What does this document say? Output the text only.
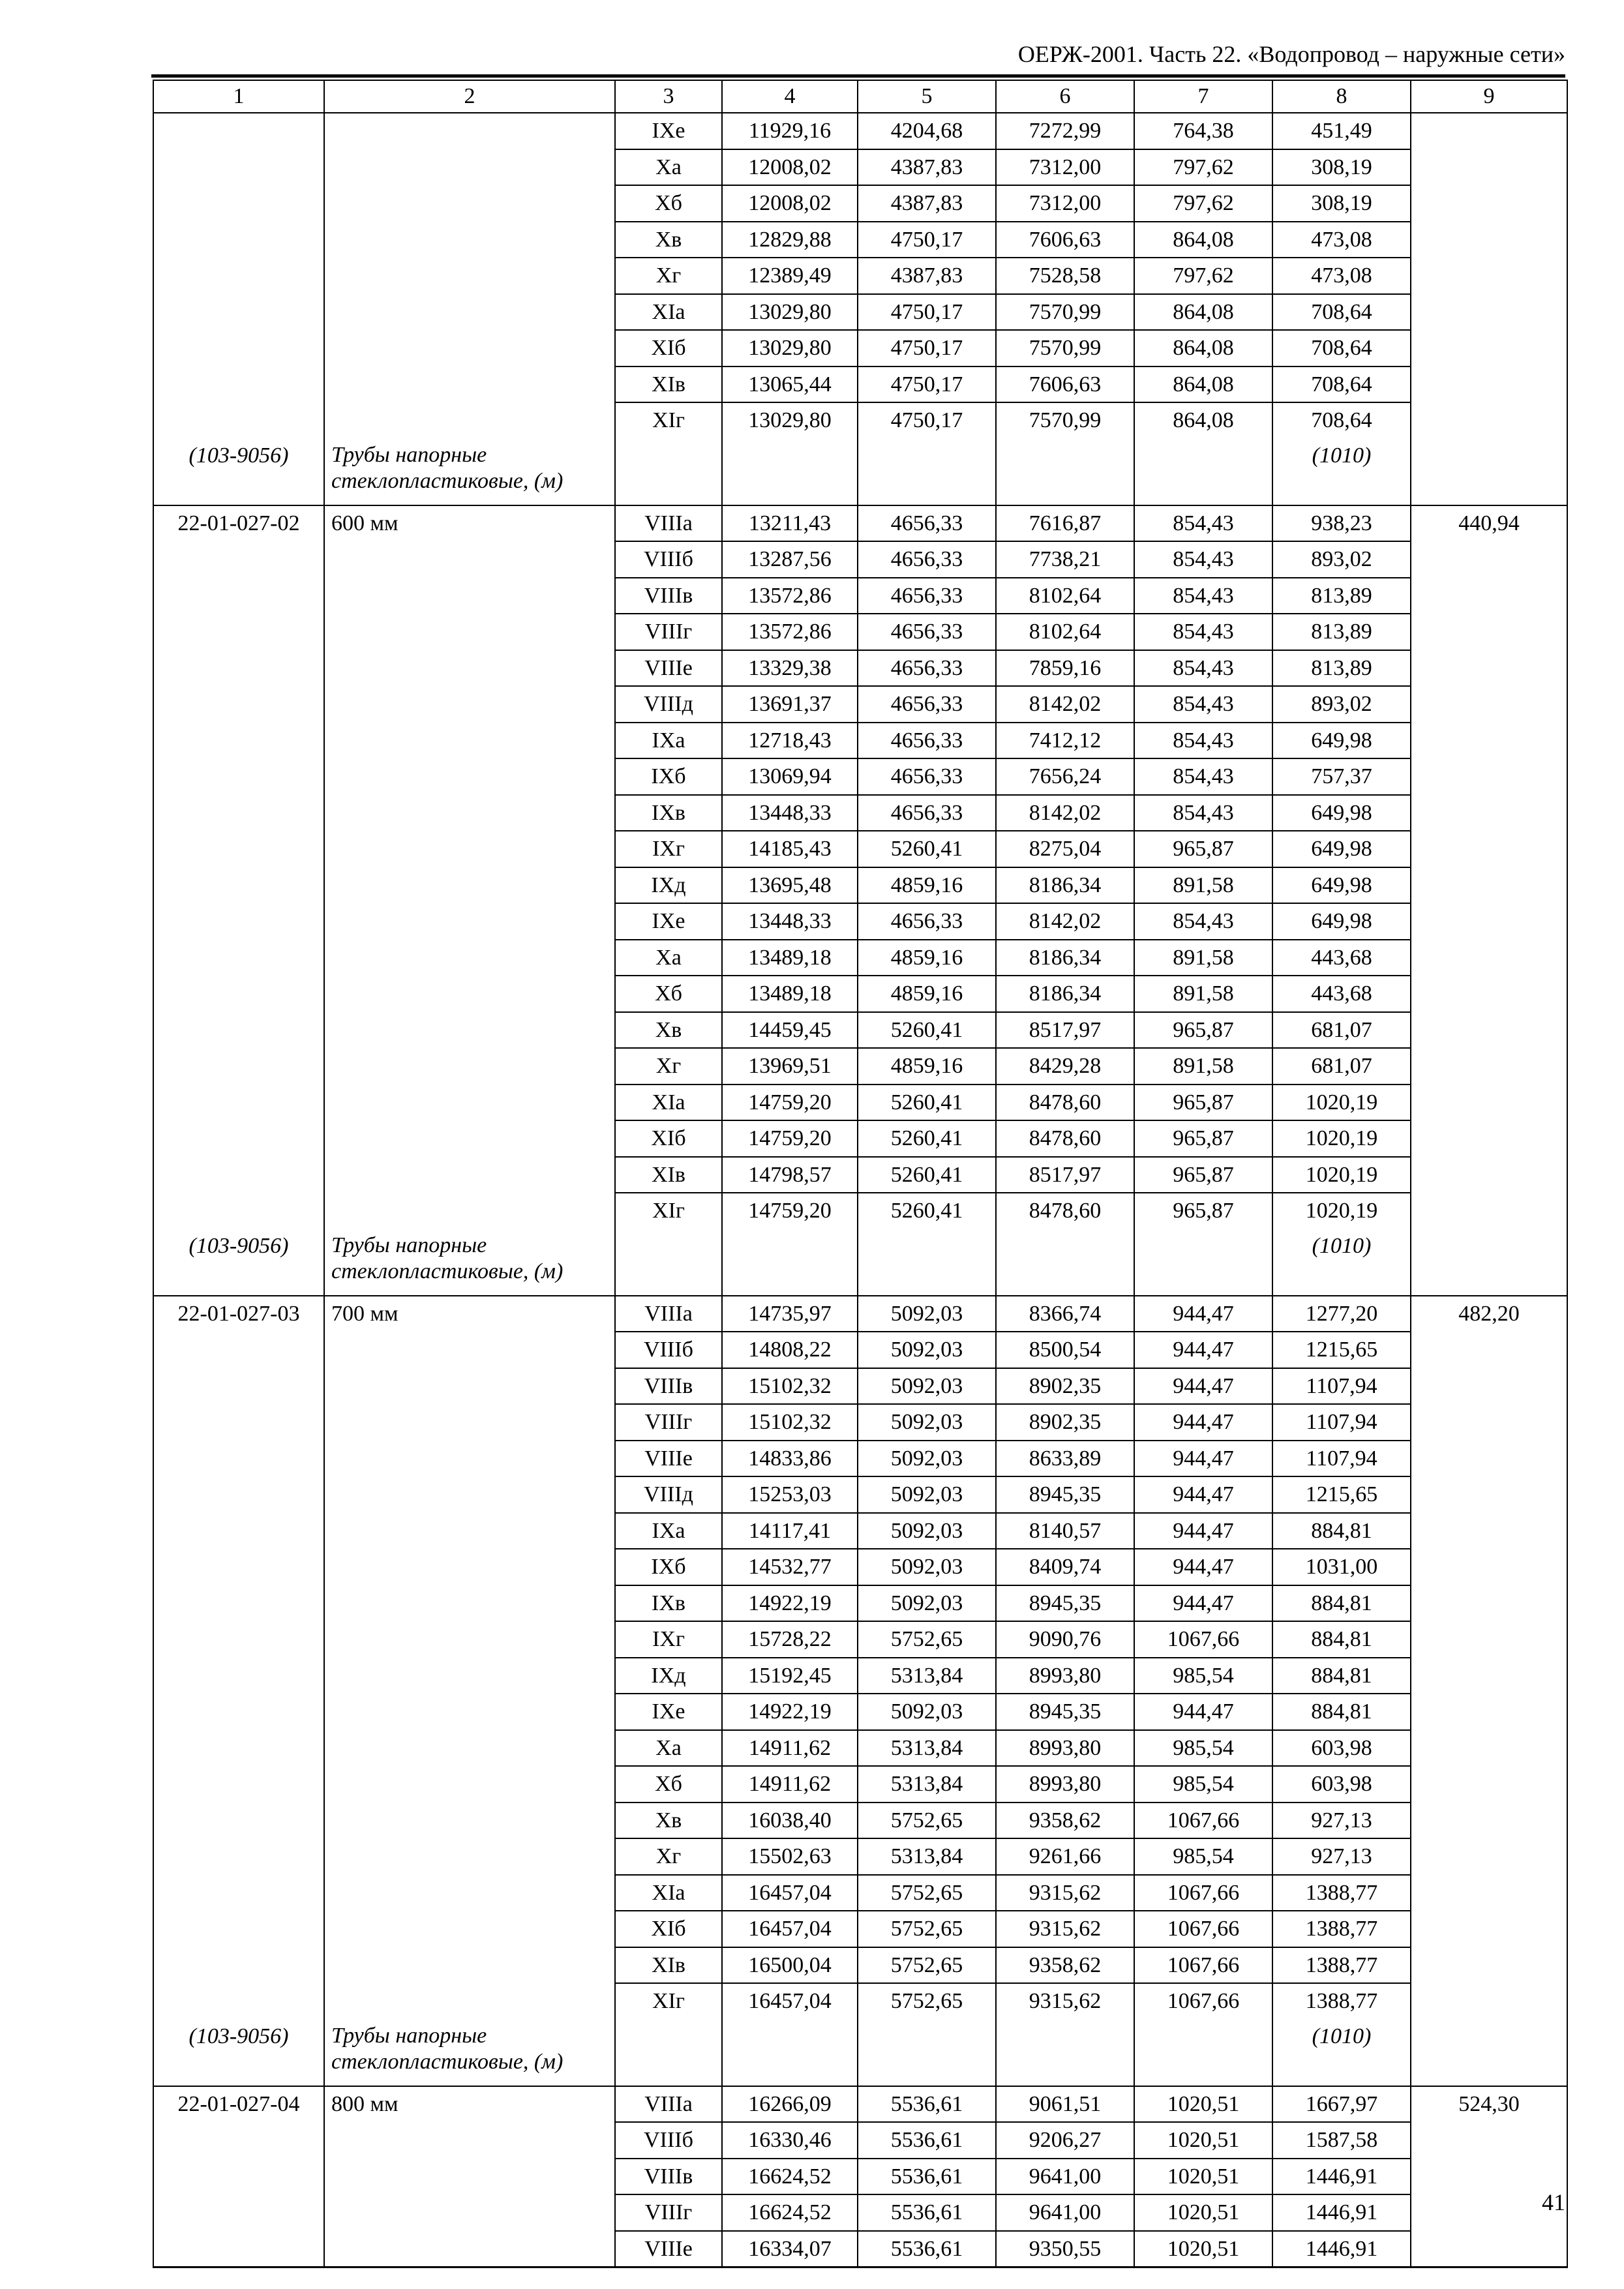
ОЕРЖ-2001. Часть 22. «Водопровод – наружные сети»
1	2	3	4	5	6	7	8	9
		IXе	11929,16	4204,68	7272,99	764,38	451,49	
		Xа	12008,02	4387,83	7312,00	797,62	308,19	
		Xб	12008,02	4387,83	7312,00	797,62	308,19	
		Xв	12829,88	4750,17	7606,63	864,08	473,08	
		Xг	12389,49	4387,83	7528,58	797,62	473,08	
		XIа	13029,80	4750,17	7570,99	864,08	708,64	
		XIб	13029,80	4750,17	7570,99	864,08	708,64	
		XIв	13065,44	4750,17	7606,63	864,08	708,64	
		XIг	13029,80	4750,17	7570,99	864,08	708,64	
(103-9056)	Трубы напорные стеклопластиковые, (м)						(1010)	
22-01-027-02	600 мм	VIIIа	13211,43	4656,33	7616,87	854,43	938,23	440,94
		VIIIб	13287,56	4656,33	7738,21	854,43	893,02	
		VIIIв	13572,86	4656,33	8102,64	854,43	813,89	
		VIIIг	13572,86	4656,33	8102,64	854,43	813,89	
		VIIIе	13329,38	4656,33	7859,16	854,43	813,89	
		VIIIд	13691,37	4656,33	8142,02	854,43	893,02	
		IXа	12718,43	4656,33	7412,12	854,43	649,98	
		IXб	13069,94	4656,33	7656,24	854,43	757,37	
		IXв	13448,33	4656,33	8142,02	854,43	649,98	
		IXг	14185,43	5260,41	8275,04	965,87	649,98	
		IXд	13695,48	4859,16	8186,34	891,58	649,98	
		IXе	13448,33	4656,33	8142,02	854,43	649,98	
		Xа	13489,18	4859,16	8186,34	891,58	443,68	
		Xб	13489,18	4859,16	8186,34	891,58	443,68	
		Xв	14459,45	5260,41	8517,97	965,87	681,07	
		Xг	13969,51	4859,16	8429,28	891,58	681,07	
		XIа	14759,20	5260,41	8478,60	965,87	1020,19	
		XIб	14759,20	5260,41	8478,60	965,87	1020,19	
		XIв	14798,57	5260,41	8517,97	965,87	1020,19	
		XIг	14759,20	5260,41	8478,60	965,87	1020,19	
(103-9056)	Трубы напорные стеклопластиковые, (м)						(1010)	
22-01-027-03	700 мм	VIIIа	14735,97	5092,03	8366,74	944,47	1277,20	482,20
		VIIIб	14808,22	5092,03	8500,54	944,47	1215,65	
		VIIIв	15102,32	5092,03	8902,35	944,47	1107,94	
		VIIIг	15102,32	5092,03	8902,35	944,47	1107,94	
		VIIIе	14833,86	5092,03	8633,89	944,47	1107,94	
		VIIIд	15253,03	5092,03	8945,35	944,47	1215,65	
		IXа	14117,41	5092,03	8140,57	944,47	884,81	
		IXб	14532,77	5092,03	8409,74	944,47	1031,00	
		IXв	14922,19	5092,03	8945,35	944,47	884,81	
		IXг	15728,22	5752,65	9090,76	1067,66	884,81	
		IXд	15192,45	5313,84	8993,80	985,54	884,81	
		IXе	14922,19	5092,03	8945,35	944,47	884,81	
		Xа	14911,62	5313,84	8993,80	985,54	603,98	
		Xб	14911,62	5313,84	8993,80	985,54	603,98	
		Xв	16038,40	5752,65	9358,62	1067,66	927,13	
		Xг	15502,63	5313,84	9261,66	985,54	927,13	
		XIа	16457,04	5752,65	9315,62	1067,66	1388,77	
		XIб	16457,04	5752,65	9315,62	1067,66	1388,77	
		XIв	16500,04	5752,65	9358,62	1067,66	1388,77	
		XIг	16457,04	5752,65	9315,62	1067,66	1388,77	
(103-9056)	Трубы напорные стеклопластиковые, (м)						(1010)	
22-01-027-04	800 мм	VIIIа	16266,09	5536,61	9061,51	1020,51	1667,97	524,30
		VIIIб	16330,46	5536,61	9206,27	1020,51	1587,58	
		VIIIв	16624,52	5536,61	9641,00	1020,51	1446,91	
		VIIIг	16624,52	5536,61	9641,00	1020,51	1446,91	
		VIIIе	16334,07	5536,61	9350,55	1020,51	1446,91	
41
